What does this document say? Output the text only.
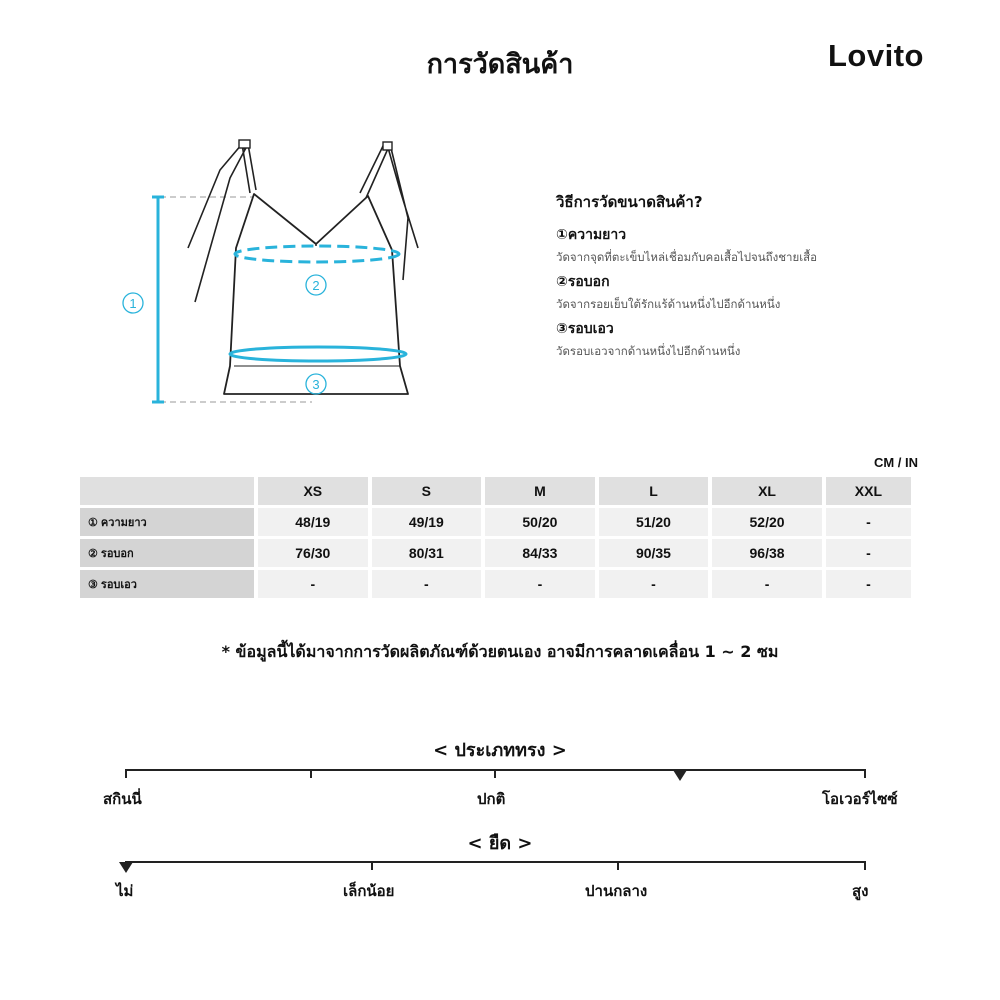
การวัดสินค้า	Lovito
1
2
3
วิธีการวัดขนาดสินค้า?
①ความยาว
วัดจากจุดที่ตะเข็บไหล่เชื่อมกับคอเสื้อไปจนถึงชายเสื้อ
②รอบอก
วัดจากรอยเย็บใต้รักแร้ด้านหนึ่งไปอีกด้านหนึ่ง
③รอบเอว
วัดรอบเอวจากด้านหนึ่งไปอีกด้านหนึ่ง
CM / IN
	XS	S	M	L	XL	XXL
① ความยาว	48/19	49/19	50/20	51/20	52/20	-
② รอบอก	76/30	80/31	84/33	90/35	96/38	-
③ รอบเอว	-	-	-	-	-	-
* ข้อมูลนี้ได้มาจากการวัดผลิตภัณฑ์ด้วยตนเอง อาจมีการคลาดเคลื่อน 1 ~ 2 ซม
< ประเภททรง >
สกินนี่	ปกติ	โอเวอร์ไซซ์
< ยืด >
ไม่	เล็กน้อย	ปานกลาง	สูง
